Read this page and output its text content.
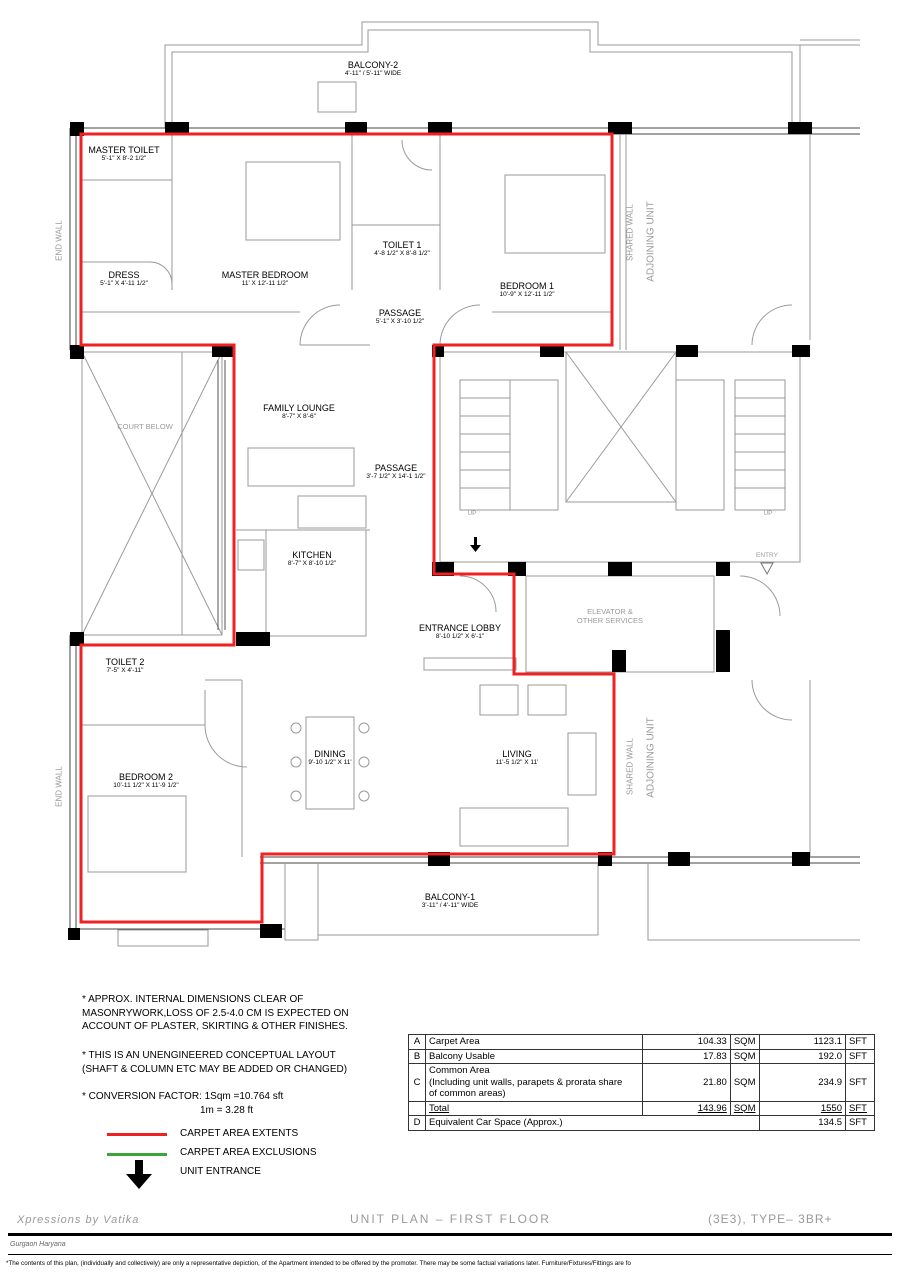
BALCONY-2
4'-11" / 5'-11" WIDE
MASTER TOILET
5'-1" X 8'-2 1/2"
DRESS
5'-1" X 4'-11 1/2"
MASTER BEDROOM
11' X 12'-11 1/2"
TOILET 1
4'-8 1/2" X 8'-8 1/2"
PASSAGE
5'-1" X 3'-10 1/2"
BEDROOM 1
10'-9" X 12'-11 1/2"
FAMILY LOUNGE
8'-7" X 8'-6"
PASSAGE
3'-7 1/2" X 14'-1 1/2"
KITCHEN
8'-7" X 8'-10 1/2"
ENTRANCE LOBBY
8'-10 1/2" X 6'-1"
TOILET 2
7'-5" X 4'-11"
BEDROOM 2
10'-11 1/2" X 11'-9 1/2"
DINING
9'-10 1/2" X 11'
LIVING
11'-5 1/2" X 11'
BALCONY-1
3'-11" / 4'-11" WIDE
END WALL
END WALL
COURT BELOW
SHARED WALL ADJOINING UNIT
SHARED WALL ADJOINING UNIT
ELEVATOR &
OTHER SERVICES
UP	UP
ENTRY
* APPROX. INTERNAL DIMENSIONS CLEAR OF
MASONRYWORK,LOSS OF 2.5-4.0 CM IS EXPECTED ON
ACCOUNT OF PLASTER, SKIRTING & OTHER FINISHES.
* THIS IS AN UNENGINEERED CONCEPTUAL LAYOUT
(SHAFT & COLUMN ETC MAY BE ADDED OR CHANGED)
* CONVERSION FACTOR: 1Sqm =10.764 sft
1m = 3.28 ft
CARPET AREA EXTENTS
CARPET AREA EXCLUSIONS
UNIT ENTRANCE
A	Carpet Area	104.33	SQM	1123.1	SFT
B	Balcony Usable	17.83	SQM	192.0	SFT
C	Common Area
(Including unit walls, parapets & prorata share
of common areas)	21.80	SQM	234.9	SFT
	Total	143.96	SQM	1550	SFT
D	Equivalent Car Space (Approx.)			134.5	SFT
Xpressions by Vatika	UNIT PLAN – FIRST FLOOR	(3E3), TYPE– 3BR+
Gurgaon Haryana
*The contents of this plan, (individually and collectively) are only a representative depiction, of the Apartment intended to be offered by the promoter. There may be some factual variations later. Furniture/Fixtures/Fittings are fo
